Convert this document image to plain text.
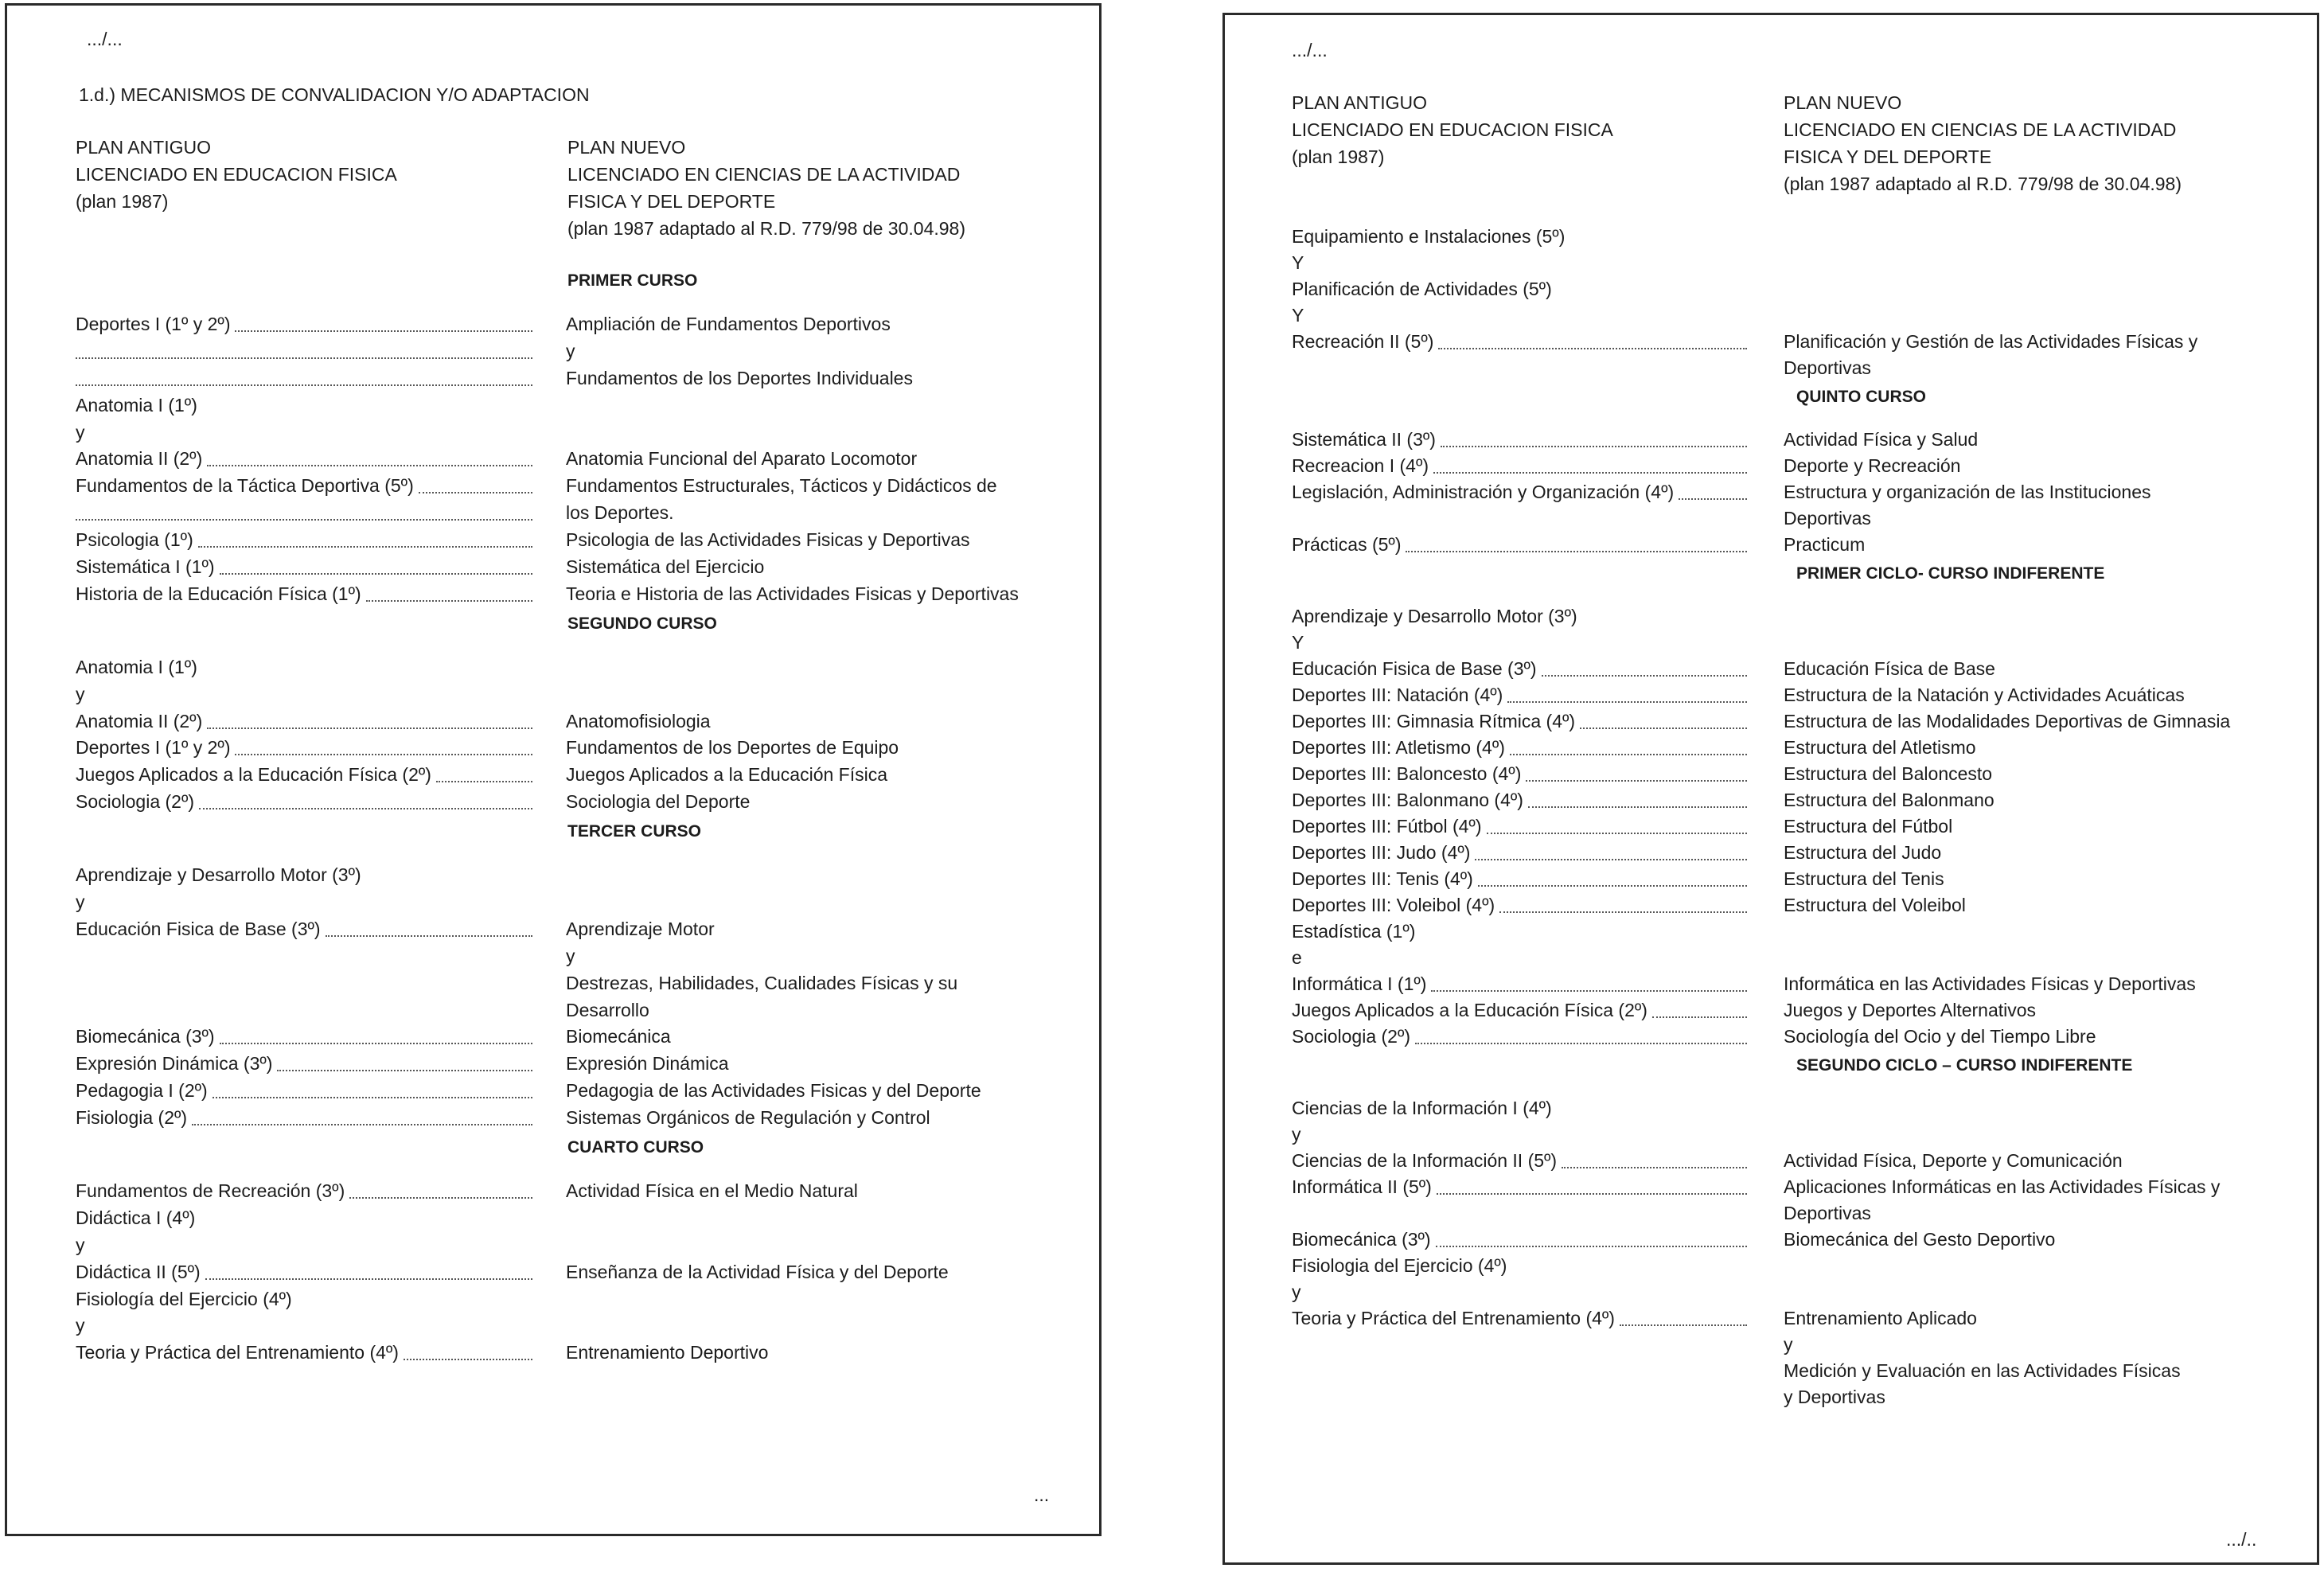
.../...
1.d.) MECANISMOS DE CONVALIDACION Y/O ADAPTACION
PLAN ANTIGUO
LICENCIADO EN EDUCACION FISICA
(plan 1987)
PLAN NUEVO
LICENCIADO EN CIENCIAS DE LA ACTIVIDAD
FISICA Y DEL DEPORTE
(plan 1987 adaptado al R.D. 779/98 de 30.04.98)
PRIMER CURSO
Deportes I (1º y 2º)	Ampliación de Fundamentos Deportivos
y
Fundamentos de los Deportes Individuales
Anatomia I (1º)
y
Anatomia II (2º)	Anatomia Funcional del Aparato Locomotor
Fundamentos de la Táctica Deportiva (5º)	Fundamentos Estructurales, Tácticos y Didácticos de
los Deportes.
Psicologia (1º)	Psicologia de las Actividades Fisicas y Deportivas
Sistemática I (1º)	Sistemática del Ejercicio
Historia de la Educación Física (1º)	Teoria e Historia de las Actividades Fisicas y Deportivas
SEGUNDO CURSO
Anatomia I (1º)
y
Anatomia II (2º)	Anatomofisiologia
Deportes I (1º y 2º)	Fundamentos de los Deportes de Equipo
Juegos Aplicados a la Educación Física (2º)	Juegos Aplicados a la Educación Física
Sociologia (2º)	Sociologia del Deporte
TERCER CURSO
Aprendizaje y Desarrollo Motor (3º)
y
Educación Fisica de Base (3º)	Aprendizaje Motor
y
Destrezas, Habilidades, Cualidades Físicas y su
Desarrollo
Biomecánica (3º)	Biomecánica
Expresión Dinámica (3º)	Expresión Dinámica
Pedagogia I (2º)	Pedagogia de las Actividades Fisicas y del Deporte
Fisiologia (2º)	Sistemas Orgánicos de Regulación y Control
CUARTO CURSO
Fundamentos de Recreación (3º)	Actividad Física en el Medio Natural
Didáctica I (4º)
y
Didáctica II (5º)	Enseñanza de la Actividad Física y del Deporte
Fisiología del Ejercicio (4º)
y
Teoria y Práctica del Entrenamiento (4º)	Entrenamiento Deportivo
...
.../...
PLAN ANTIGUO
LICENCIADO EN EDUCACION FISICA
(plan 1987)
PLAN NUEVO
LICENCIADO EN CIENCIAS DE LA ACTIVIDAD
FISICA Y DEL DEPORTE
(plan 1987 adaptado al R.D. 779/98 de 30.04.98)
Equipamiento e Instalaciones (5º)
Y
Planificación de Actividades (5º)
Y
Recreación II (5º)	Planificación y Gestión de las Actividades Físicas y
Deportivas
QUINTO CURSO
Sistemática II (3º)	Actividad Física y Salud
Recreacion I (4º)	Deporte y Recreación
Legislación, Administración y Organización (4º)	Estructura y organización de las Instituciones
Deportivas
Prácticas (5º)	Practicum
PRIMER CICLO- CURSO INDIFERENTE
Aprendizaje y Desarrollo Motor (3º)
Y
Educación Fisica de Base (3º)	Educación Física de Base
Deportes III: Natación (4º)	Estructura de la Natación y Actividades Acuáticas
Deportes III: Gimnasia Rítmica (4º)	Estructura de las Modalidades Deportivas de Gimnasia
Deportes III: Atletismo (4º)	Estructura del Atletismo
Deportes III: Baloncesto (4º)	Estructura del Baloncesto
Deportes III: Balonmano (4º)	Estructura del Balonmano
Deportes III: Fútbol (4º)	Estructura del Fútbol
Deportes III: Judo (4º)	Estructura del Judo
Deportes III: Tenis (4º)	Estructura del Tenis
Deportes III: Voleibol (4º)	Estructura del Voleibol
Estadística (1º)
e
Informática I (1º)	Informática en las Actividades Físicas y Deportivas
Juegos Aplicados a la Educación Física (2º)	Juegos y Deportes Alternativos
Sociologia (2º)	Sociología del Ocio y del Tiempo Libre
SEGUNDO CICLO – CURSO INDIFERENTE
Ciencias de la Información I (4º)
y
Ciencias de la Información II (5º)	Actividad Física, Deporte y Comunicación
Informática II (5º)	Aplicaciones Informáticas en las Actividades Físicas y
Deportivas
Biomecánica (3º)	Biomecánica del Gesto Deportivo
Fisiologia del Ejercicio (4º)
y
Teoria y Práctica del Entrenamiento (4º)	Entrenamiento Aplicado
y
Medición y Evaluación en las Actividades Físicas
y Deportivas
.../..
